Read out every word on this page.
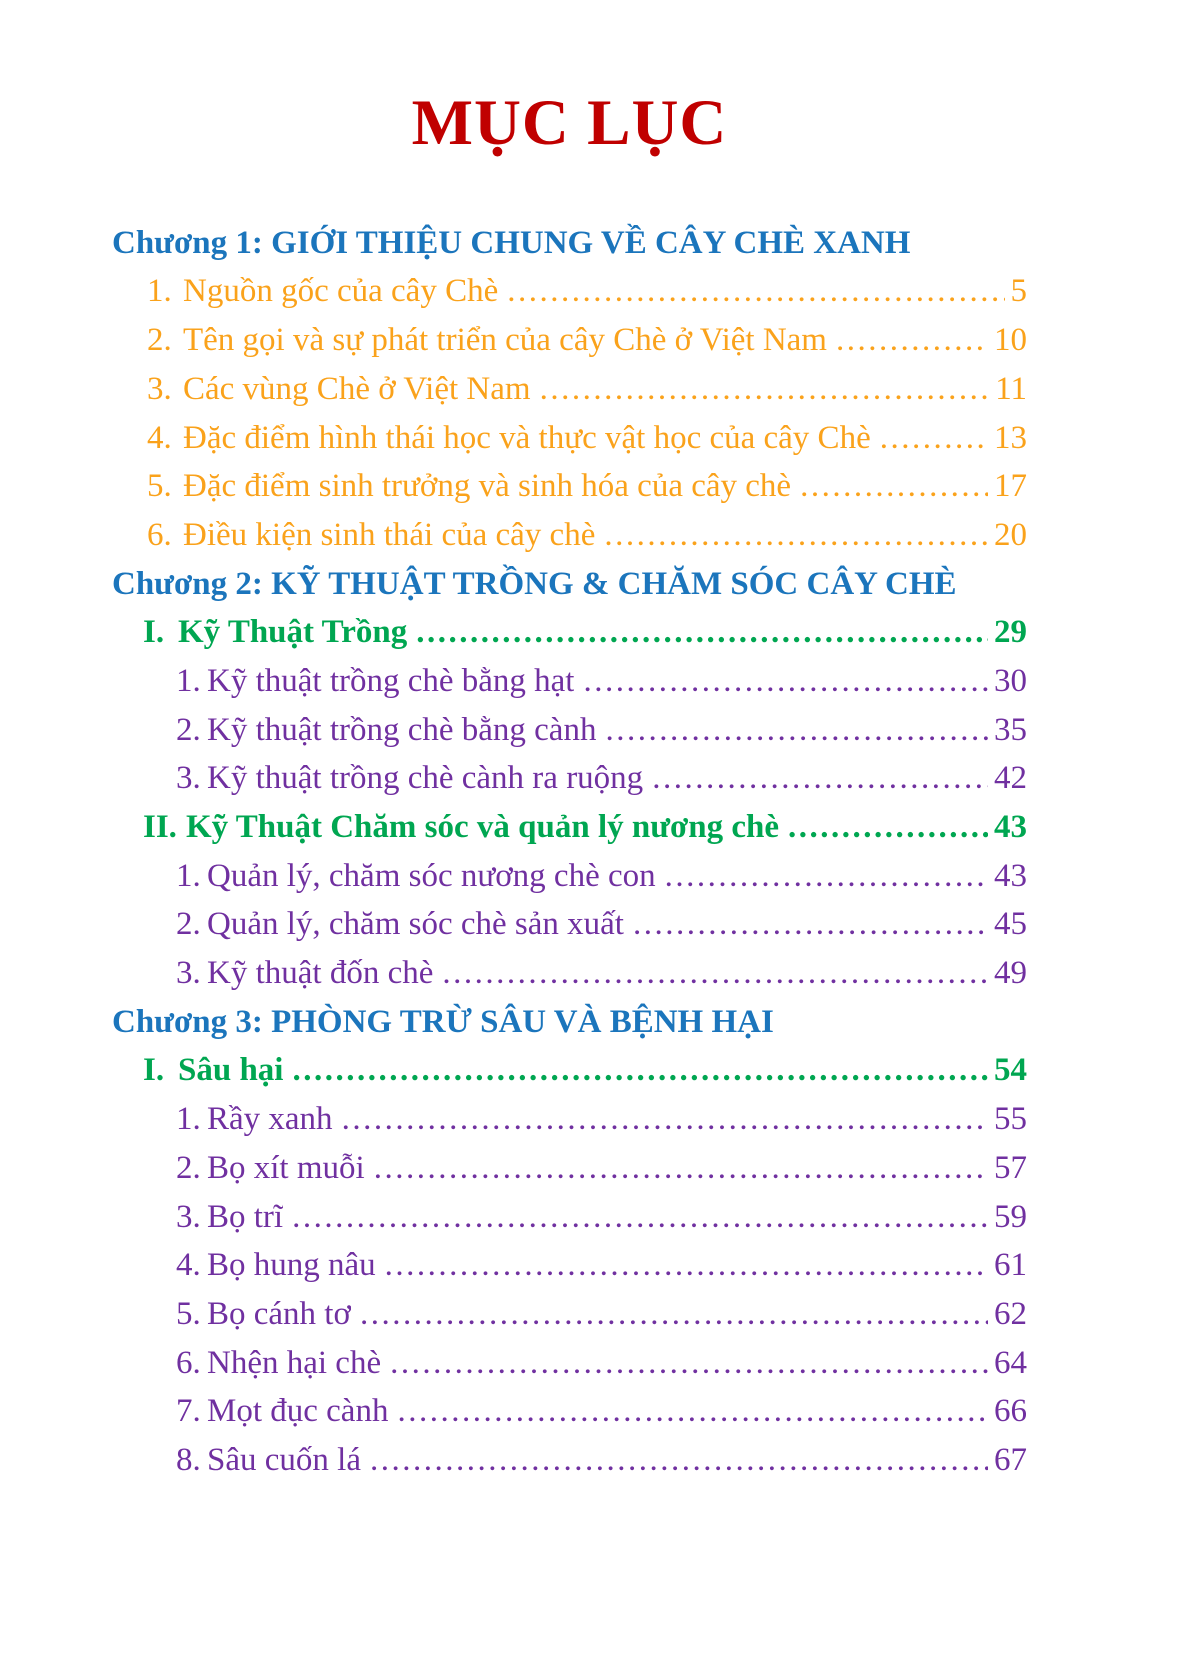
MỤC LỤC
Chương 1: GIỚI THIỆU CHUNG VỀ CÂY CHÈ XANH
1. Nguồn gốc của cây Chè .....	5
2. Tên gọi và sự phát triển của cây Chè ở Việt Nam .....	10
3. Các vùng Chè ở Việt Nam .....	11
4. Đặc điểm hình thái học và thực vật học của cây Chè .....	13
5. Đặc điểm sinh trưởng và sinh hóa của cây chè .....	17
6. Điều kiện sinh thái của cây chè .....	20
Chương 2: KỸ THUẬT TRỒNG & CHĂM SÓC CÂY CHÈ
I. Kỹ Thuật Trồng .....	29
1. Kỹ thuật trồng chè bằng hạt .....	30
2. Kỹ thuật trồng chè bằng cành .....	35
3. Kỹ thuật trồng chè cành ra ruộng .....	42
II. Kỹ Thuật Chăm sóc và quản lý nương chè .....	43
1. Quản lý, chăm sóc nương chè con .....	43
2. Quản lý, chăm sóc chè sản xuất .....	45
3. Kỹ thuật đốn chè .....	49
Chương 3: PHÒNG TRỪ SÂU VÀ BỆNH HẠI
I. Sâu hại .....	54
1. Rầy xanh .....	55
2. Bọ xít muỗi .....	57
3. Bọ trĩ .....	59
4. Bọ hung nâu .....	61
5. Bọ cánh tơ .....	62
6. Nhện hại chè .....	64
7. Mọt đục cành .....	66
8. Sâu cuốn lá .....	67
